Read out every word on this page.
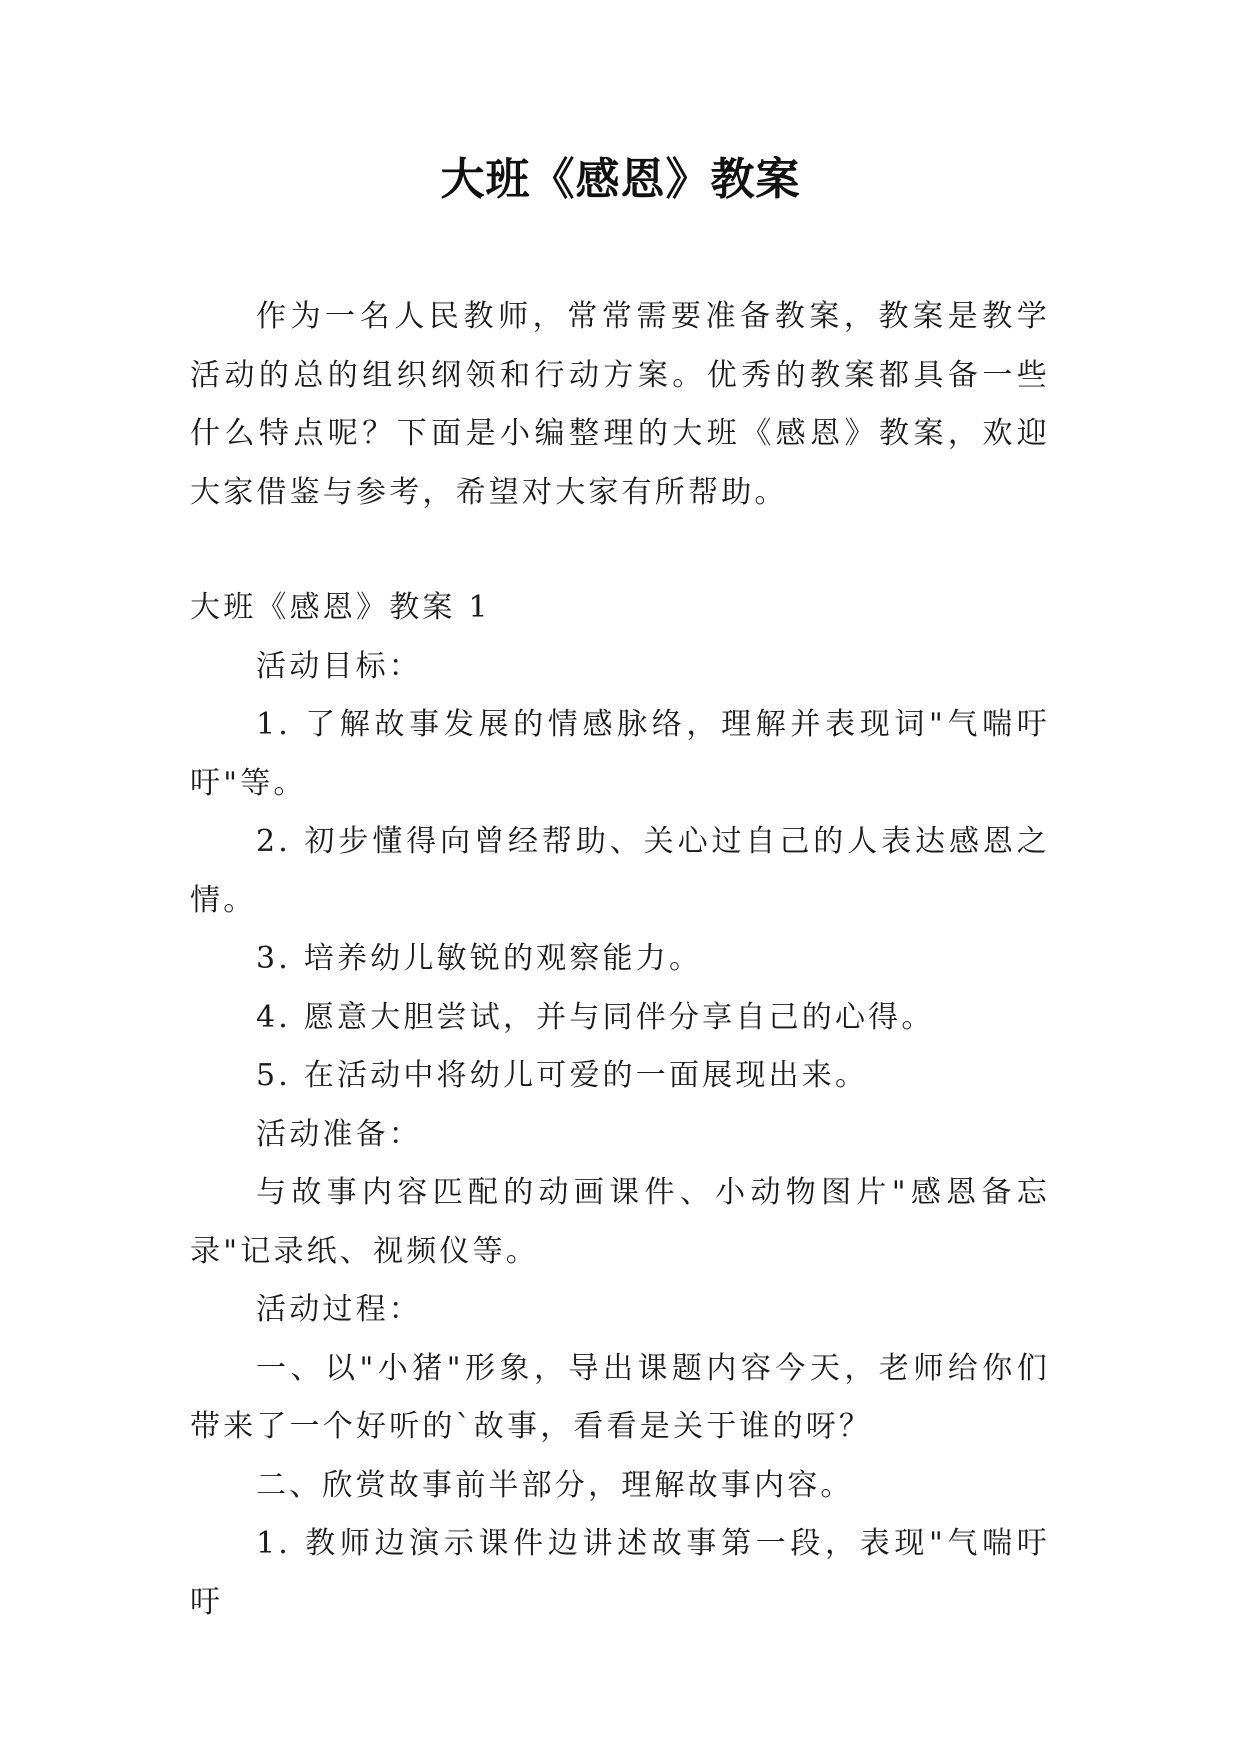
大班《感恩》教案

作为一名人民教师，常常需要准备教案，教案是教学活动的总的组织纲领和行动方案。优秀的教案都具备一些什么特点呢？下面是小编整理的大班《感恩》教案，欢迎大家借鉴与参考，希望对大家有所帮助。

大班《感恩》教案 1

活动目标：

1. 了解故事发展的情感脉络，理解并表现词"气喘吁吁"等。

2. 初步懂得向曾经帮助、关心过自己的人表达感恩之情。

3. 培养幼儿敏锐的观察能力。

4. 愿意大胆尝试，并与同伴分享自己的心得。

5. 在活动中将幼儿可爱的一面展现出来。

活动准备：

与故事内容匹配的动画课件、小动物图片"感恩备忘录"记录纸、视频仪等。

活动过程：

一、以"小猪"形象，导出课题内容今天，老师给你们带来了一个好听的`故事，看看是关于谁的呀？

二、欣赏故事前半部分，理解故事内容。

1. 教师边演示课件边讲述故事第一段，表现"气喘吁吁
